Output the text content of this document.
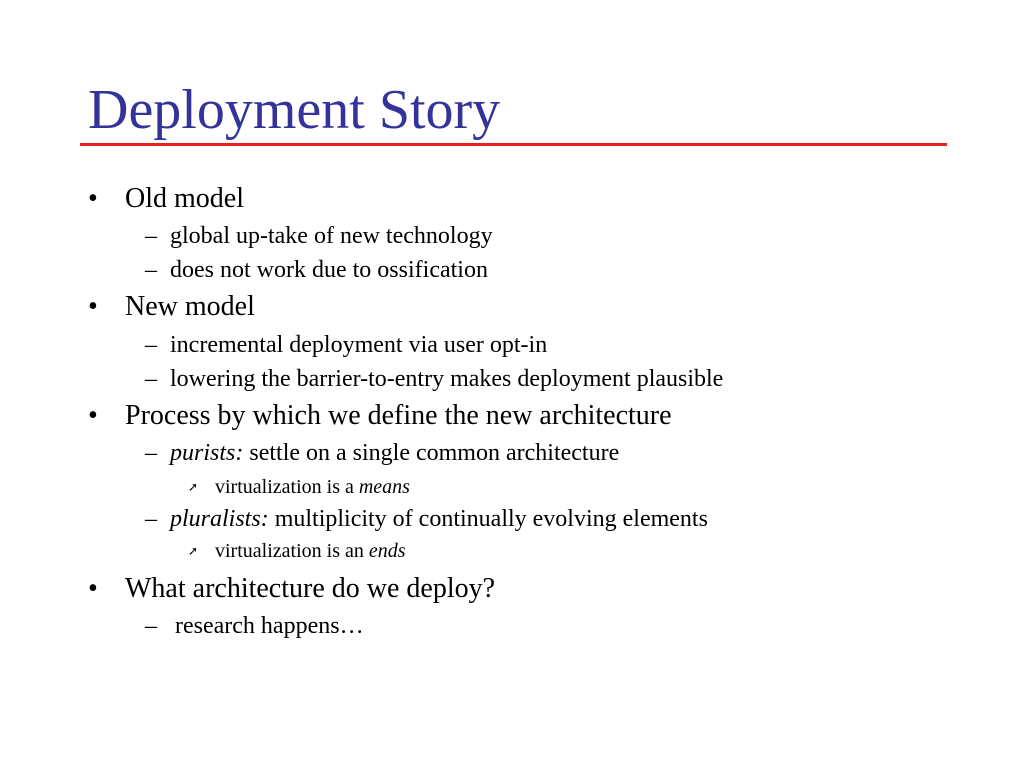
Deployment Story
• Old model
– global up-take of new technology
– does not work due to ossification
• New model
– incremental deployment via user opt-in
– lowering the barrier-to-entry makes deployment plausible
• Process by which we define the new architecture
– purists: settle on a single common architecture
➚ virtualization is a means
– pluralists: multiplicity of continually evolving elements
➚ virtualization is an ends
• What architecture do we deploy?
– research happens…
